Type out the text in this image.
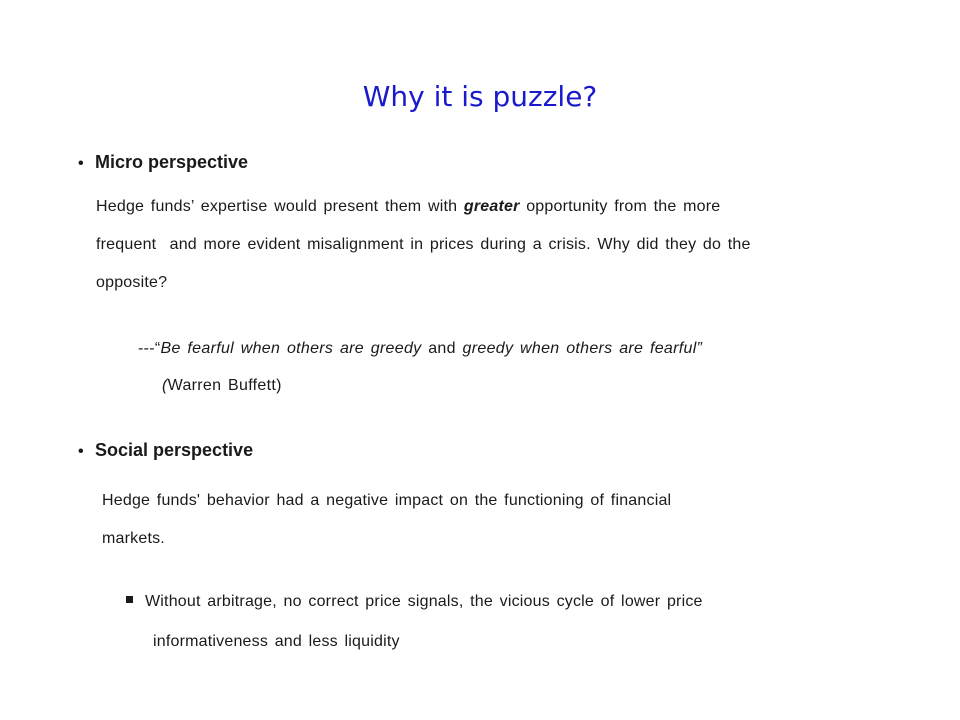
Why it is puzzle?
• Micro perspective
Hedge funds’ expertise would present them with greater opportunity from the more
frequent  and more evident misalignment in prices during a crisis. Why did they do the
opposite?
---“Be fearful when others are greedy and greedy when others are fearful”
(Warren Buffett)
• Social perspective
Hedge funds' behavior had a negative impact on the functioning of financial
markets.
Without arbitrage, no correct price signals, the vicious cycle of lower price
informativeness and less liquidity
